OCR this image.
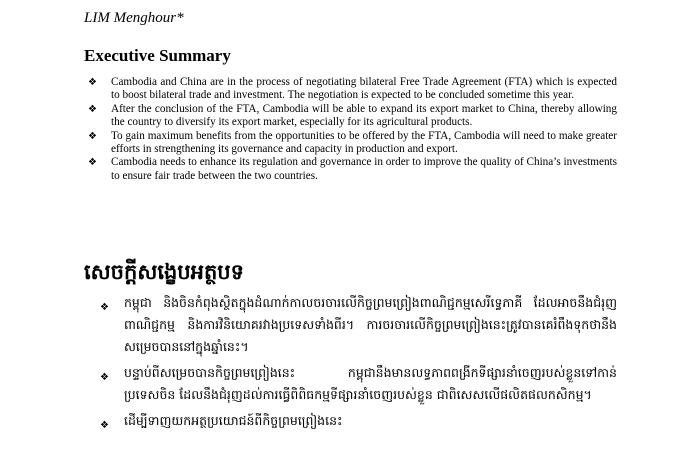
LIM Menghour*
Executive Summary
❖ Cambodia and China are in the process of negotiating bilateral Free Trade Agreement (FTA) which is expected to boost bilateral trade and investment. The negotiation is expected to be concluded sometime this year.
❖ After the conclusion of the FTA, Cambodia will be able to expand its export market to China, thereby allowing the country to diversify its export market, especially for its agricultural products.
❖ To gain maximum benefits from the opportunities to be offered by the FTA, Cambodia will need to make greater efforts in strengthening its governance and capacity in production and export.
❖ Cambodia needs to enhance its regulation and governance in order to improve the quality of China’s investments to ensure fair trade between the two countries.
សេចក្តីសង្ខេបអត្ថបទ
❖ កម្ពុជា និងចិនកំពុងស្ថិតក្នុងដំណាក់កាលចរចារលើកិច្ចព្រមព្រៀងពាណិជ្ជកម្មសេរីទ្វេភាគី ដែលអាចនឹងជំរុញពាណិជ្ជកម្ម និងការវិនិយោគរវាងប្រទេសទាំងពីរ។ ការចរចារលើកិច្ចព្រមព្រៀងនេះត្រូវបានគេរំពឹងទុកថានឹងសម្រេចបាននៅក្នុងឆ្នាំនេះ។
❖ បន្ទាប់ពីសម្រេចបានកិច្ចព្រមព្រៀងនេះ កម្ពុជានឹងមានលទ្ធភាពពង្រីកទីផ្សារនាំចេញរបស់ខ្លួនទៅកាន់ប្រទេសចិន ដែលនឹងជំរុញដល់ការធ្វើពិពិធកម្មទីផ្សារនាំចេញរបស់ខ្លួន ជាពិសេសលើផលិតផលកសិកម្ម។
❖ ដើម្បីទាញយកអត្ថប្រយោជន៍ពីកិច្ចព្រមព្រៀងនេះ
